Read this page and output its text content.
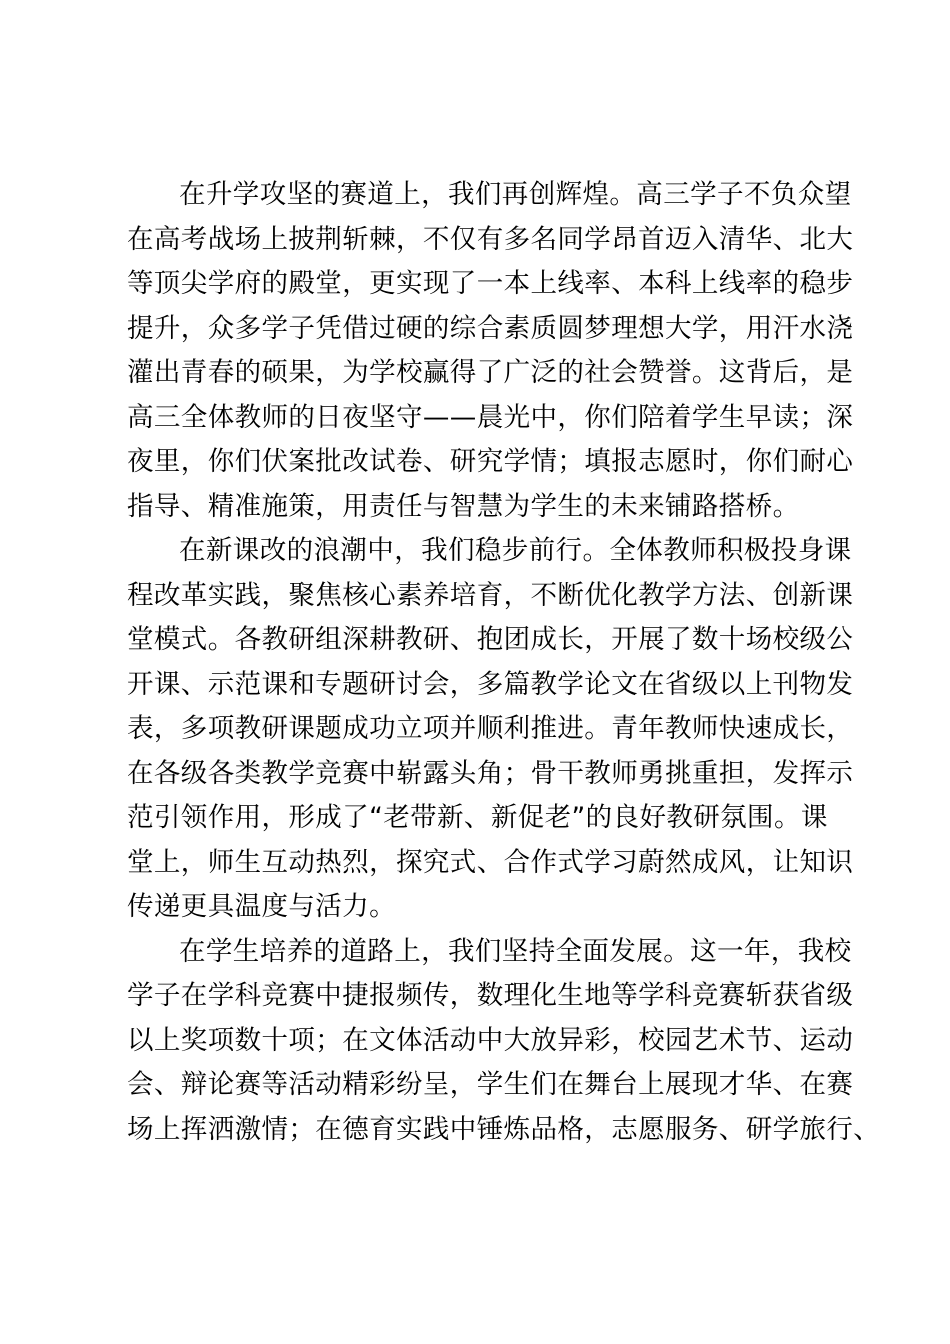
在升学攻坚的赛道上，我们再创辉煌。高三学子不负众望
在高考战场上披荆斩棘，不仅有多名同学昂首迈入清华、北大
等顶尖学府的殿堂，更实现了一本上线率、本科上线率的稳步
提升，众多学子凭借过硬的综合素质圆梦理想大学，用汗水浇
灌出青春的硕果，为学校赢得了广泛的社会赞誉。这背后，是
高三全体教师的日夜坚守——晨光中，你们陪着学生早读；深
夜里，你们伏案批改试卷、研究学情；填报志愿时，你们耐心
指导、精准施策，用责任与智慧为学生的未来铺路搭桥。
在新课改的浪潮中，我们稳步前行。全体教师积极投身课
程改革实践，聚焦核心素养培育，不断优化教学方法、创新课
堂模式。各教研组深耕教研、抱团成长，开展了数十场校级公
开课、示范课和专题研讨会，多篇教学论文在省级以上刊物发
表，多项教研课题成功立项并顺利推进。青年教师快速成长，
在各级各类教学竞赛中崭露头角；骨干教师勇挑重担，发挥示
范引领作用，形成了“老带新、新促老”的良好教研氛围。课
堂上，师生互动热烈，探究式、合作式学习蔚然成风，让知识
传递更具温度与活力。
在学生培养的道路上，我们坚持全面发展。这一年，我校
学子在学科竞赛中捷报频传，数理化生地等学科竞赛斩获省级
以上奖项数十项；在文体活动中大放异彩，校园艺术节、运动
会、辩论赛等活动精彩纷呈，学生们在舞台上展现才华、在赛
场上挥洒激情；在德育实践中锤炼品格，志愿服务、研学旅行、
